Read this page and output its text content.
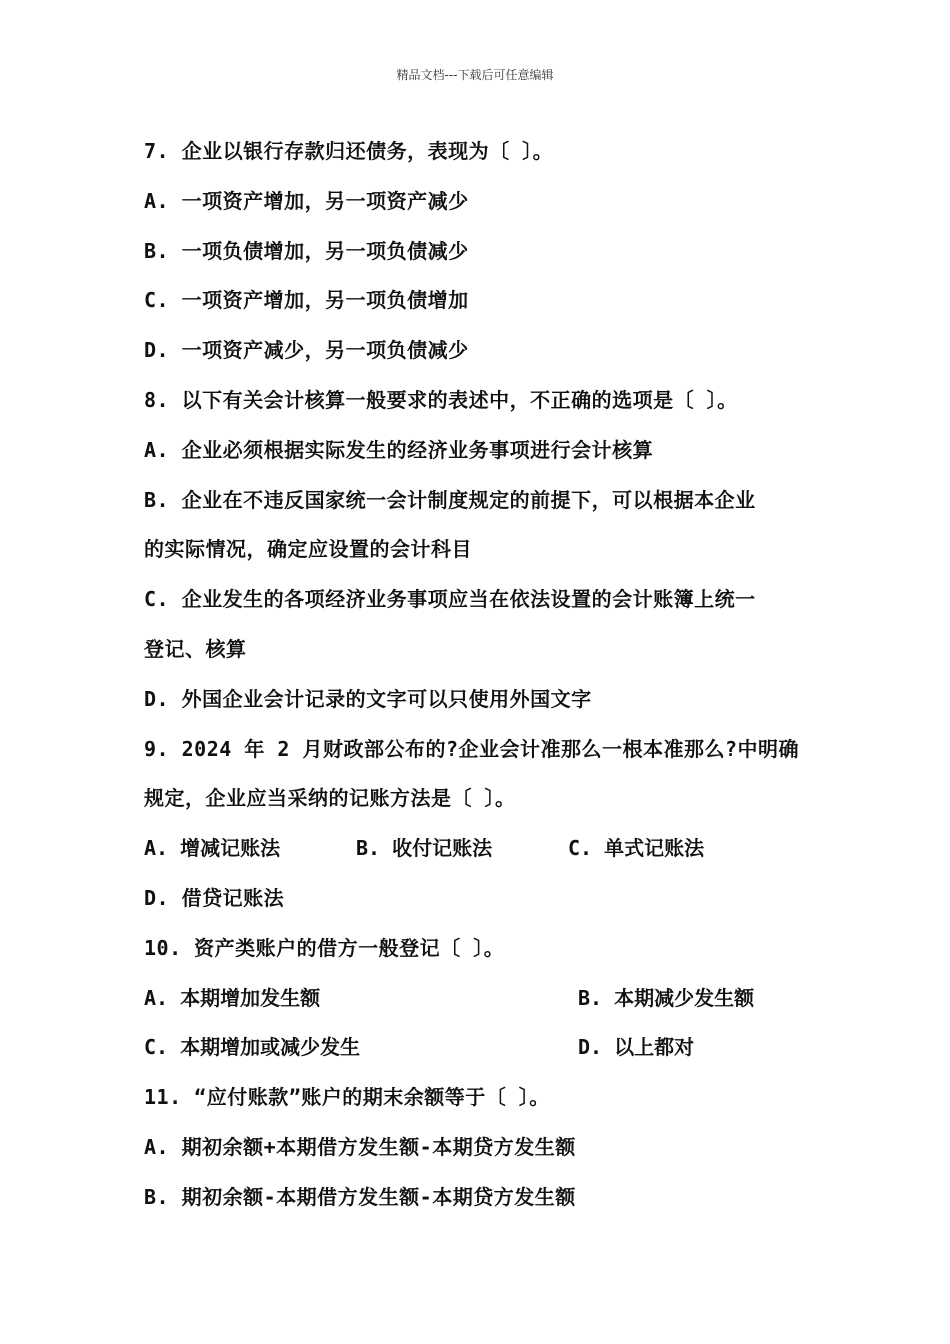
精品文档---下载后可任意编辑
7. 企业以银行存款归还债务，表现为〔 〕。
A. 一项资产增加，另一项资产减少
B. 一项负债增加，另一项负债减少
C. 一项资产增加，另一项负债增加
D. 一项资产减少，另一项负债减少
8. 以下有关会计核算一般要求的表述中，不正确的选项是〔 〕。
A. 企业必须根据实际发生的经济业务事项进行会计核算
B. 企业在不违反国家统一会计制度规定的前提下，可以根据本企业
的实际情况，确定应设置的会计科目
C. 企业发生的各项经济业务事项应当在依法设置的会计账簿上统一
登记、核算
D. 外国企业会计记录的文字可以只使用外国文字
9. 2024 年 2 月财政部公布的?企业会计准那么一根本准那么?中明确
规定，企业应当采纳的记账方法是〔 〕。
A. 增减记账法	B. 收付记账法	C. 单式记账法
D. 借贷记账法
10. 资产类账户的借方一般登记〔 〕。
A. 本期增加发生额	B. 本期减少发生额
C. 本期增加或减少发生	D. 以上都对
11. “应付账款”账户的期末余额等于〔 〕。
A. 期初余额+本期借方发生额-本期贷方发生额
B. 期初余额-本期借方发生额-本期贷方发生额
